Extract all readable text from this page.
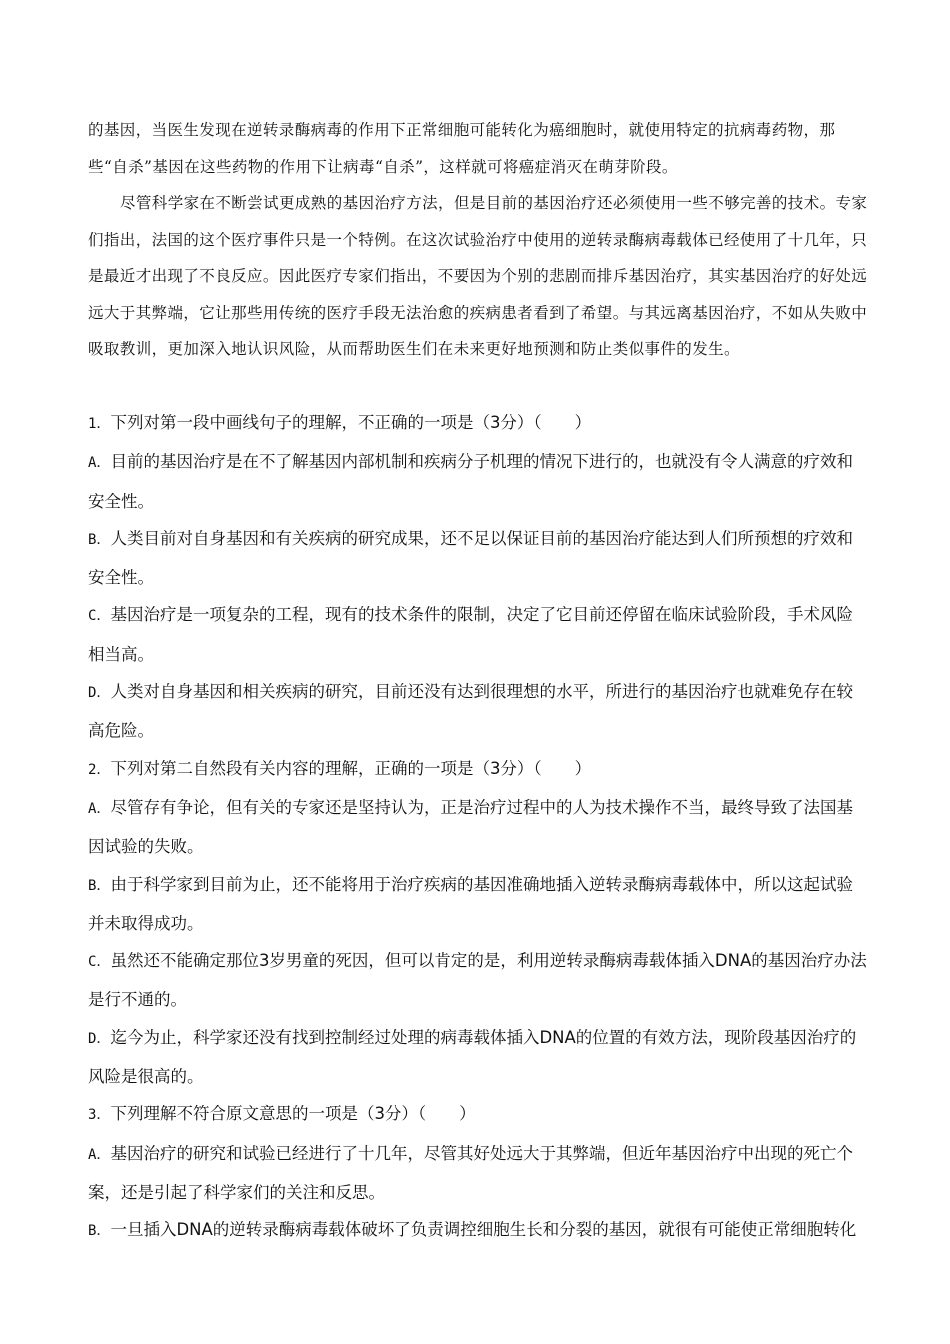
的基因，当医生发现在逆转录酶病毒的作用下正常细胞可能转化为癌细胞时，就使用特定的抗病毒药物，那些“自杀”基因在这些药物的作用下让病毒“自杀”，这样就可将癌症消灭在萌芽阶段。

尽管科学家在不断尝试更成熟的基因治疗方法，但是目前的基因治疗还必须使用一些不够完善的技术。专家们指出，法国的这个医疗事件只是一个特例。在这次试验治疗中使用的逆转录酶病毒载体已经使用了十几年，只是最近才出现了不良反应。因此医疗专家们指出，不要因为个别的悲剧而排斥基因治疗，其实基因治疗的好处远远大于其弊端，它让那些用传统的医疗手段无法治愈的疾病患者看到了希望。与其远离基因治疗，不如从失败中吸取教训，更加深入地认识风险，从而帮助医生们在未来更好地预测和防止类似事件的发生。

1．下列对第一段中画线句子的理解，不正确的一项是（3分）（　　）

A．目前的基因治疗是在不了解基因内部机制和疾病分子机理的情况下进行的，也就没有令人满意的疗效和安全性。

B．人类目前对自身基因和有关疾病的研究成果，还不足以保证目前的基因治疗能达到人们所预想的疗效和安全性。

C．基因治疗是一项复杂的工程，现有的技术条件的限制，决定了它目前还停留在临床试验阶段，手术风险相当高。

D．人类对自身基因和相关疾病的研究，目前还没有达到很理想的水平，所进行的基因治疗也就难免存在较高危险。

2．下列对第二自然段有关内容的理解，正确的一项是（3分）（　　）

A．尽管存有争论，但有关的专家还是坚持认为，正是治疗过程中的人为技术操作不当，最终导致了法国基因试验的失败。

B．由于科学家到目前为止，还不能将用于治疗疾病的基因准确地插入逆转录酶病毒载体中，所以这起试验并未取得成功。

C．虽然还不能确定那位3岁男童的死因，但可以肯定的是，利用逆转录酶病毒载体插入DNA的基因治疗办法是行不通的。

D．迄今为止，科学家还没有找到控制经过处理的病毒载体插入DNA的位置的有效方法，现阶段基因治疗的风险是很高的。

3．下列理解不符合原文意思的一项是（3分）（　　）

A．基因治疗的研究和试验已经进行了十几年，尽管其好处远大于其弊端，但近年基因治疗中出现的死亡个案，还是引起了科学家们的关注和反思。

B．一旦插入DNA的逆转录酶病毒载体破坏了负责调控细胞生长和分裂的基因，就很有可能使正常细胞转化
